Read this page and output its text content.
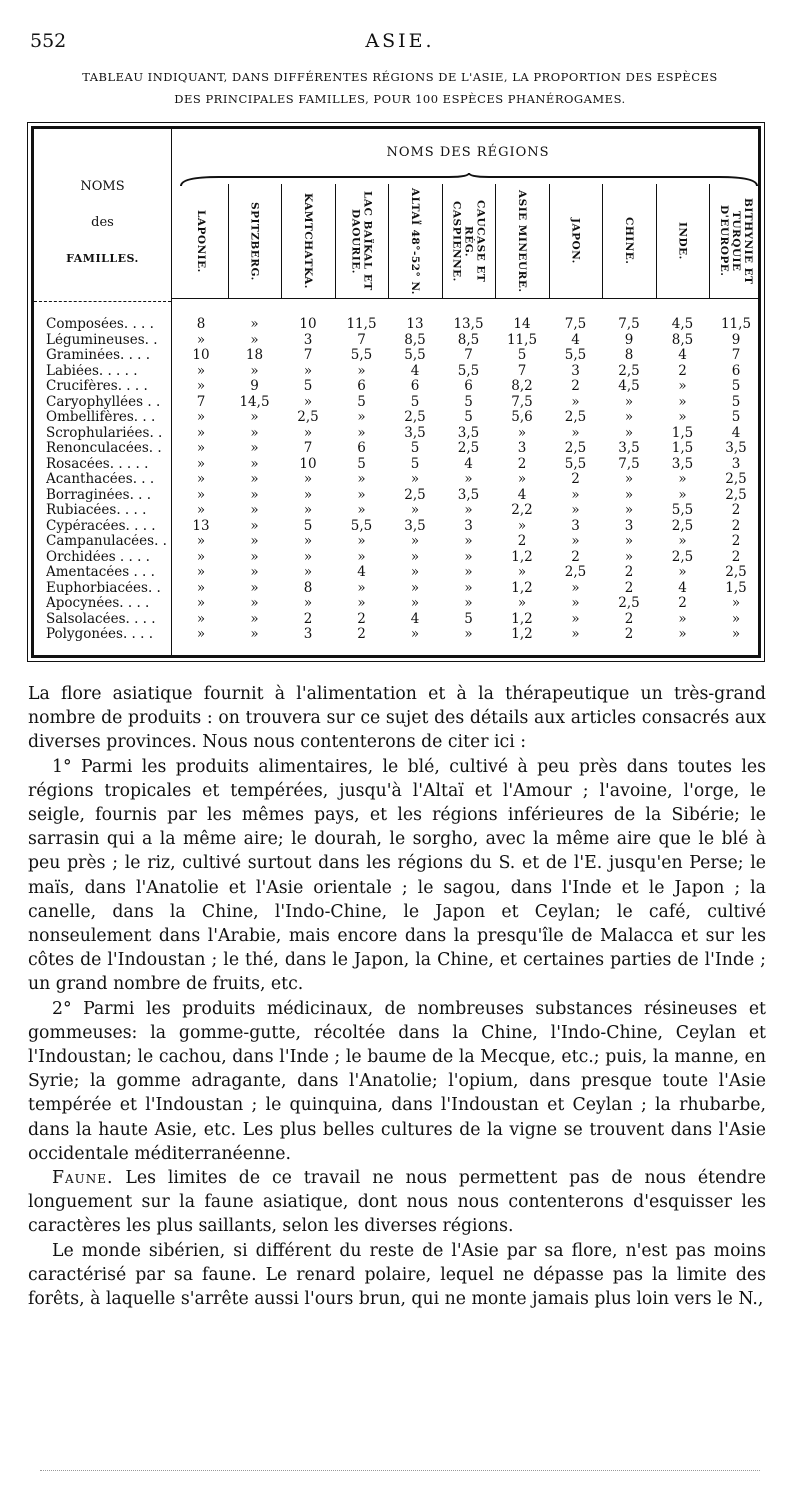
552	ASIE.
TABLEAU INDIQUANT, DANS DIFFÉRENTES RÉGIONS DE L'ASIE, LA PROPORTION DES ESPÈCES
DES PRINCIPALES FAMILLES, POUR 100 ESPÈCES PHANÉROGAMES.
NOMS
des
FAMILLES.
NOMS DES RÉGIONS
LAPONIE.	SPITZBERG.	KAMTCHATKA.	LAC BAÏKAL ET DAOURIE.	ALTAÏ 48°-52° N.	CAUCASE ET RÉG. CASPIENNE.	ASIE MINEURE.	JAPON.	CHINE.	INDE.	BITHYNIE ET TURQUIE D'EUROPE.
Composées. . . .	8	»	10	11,5	13	13,5	14	7,5	7,5	4,5	11,5
Légumineuses. .	»	»	3	7	8,5	8,5	11,5	4	9	8,5	9
Graminées. . . .	10	18	7	5,5	5,5	7	5	5,5	8	4	7
Labiées. . . . .	»	»	»	»	4	5,5	7	3	2,5	2	6
Crucifères. . . .	»	9	5	6	6	6	8,2	2	4,5	»	5
Caryophyllées . .	7	14,5	»	5	5	5	7,5	»	»	»	5
Ombellifères. . .	»	»	2,5	»	2,5	5	5,6	2,5	»	»	5
Scrophulariées. .	»	»	»	»	3,5	3,5	»	»	»	1,5	4
Renonculacées. .	»	»	7	6	5	2,5	3	2,5	3,5	1,5	3,5
Rosacées. . . . .	»	»	10	5	5	4	2	5,5	7,5	3,5	3
Acanthacées. . .	»	»	»	»	»	»	»	2	»	»	2,5
Borraginées. . .	»	»	»	»	2,5	3,5	4	»	»	»	2,5
Rubiacées. . . .	»	»	»	»	»	»	2,2	»	»	5,5	2
Cypéracées. . . .	13	»	5	5,5	3,5	3	»	3	3	2,5	2
Campanulacées. .	»	»	»	»	»	»	2	»	»	»	2
Orchidées . . . .	»	»	»	»	»	»	1,2	2	»	2,5	2
Amentacées . . .	»	»	»	4	»	»	»	2,5	2	»	2,5
Euphorbiacées. .	»	»	8	»	»	»	1,2	»	2	4	1,5
Apocynées. . . .	»	»	»	»	»	»	»	»	2,5	2	»
Salsolacées. . . .	»	»	2	2	4	5	1,2	»	2	»	»
Polygonées. . . .	»	»	3	2	»	»	1,2	»	2	»	»

La flore asiatique fournit à l'alimentation et à la thérapeutique un très-grand nombre de produits : on trouvera sur ce sujet des détails aux articles consacrés aux diverses provinces. Nous nous contenterons de citer ici :

1° Parmi les produits alimentaires, le blé, cultivé à peu près dans toutes les régions tropicales et tempérées, jusqu'à l'Altaï et l'Amour ; l'avoine, l'orge, le seigle, fournis par les mêmes pays, et les régions inférieures de la Sibérie; le sarrasin qui a la même aire; le dourah, le sorgho, avec la même aire que le blé à peu près ; le riz, cultivé surtout dans les régions du S. et de l'E. jusqu'en Perse; le maïs, dans l'Anatolie et l'Asie orientale ; le sagou, dans l'Inde et le Japon ; la canelle, dans la Chine, l'Indo-Chine, le Japon et Ceylan; le café, cultivé nonseulement dans l'Arabie, mais encore dans la presqu'île de Malacca et sur les côtes de l'Indoustan ; le thé, dans le Japon, la Chine, et certaines parties de l'Inde ; un grand nombre de fruits, etc.

2° Parmi les produits médicinaux, de nombreuses substances résineuses et gommeuses: la gomme-gutte, récoltée dans la Chine, l'Indo-Chine, Ceylan et l'Indoustan; le cachou, dans l'Inde ; le baume de la Mecque, etc.; puis, la manne, en Syrie; la gomme adragante, dans l'Anatolie; l'opium, dans presque toute l'Asie tempérée et l'Indoustan ; le quinquina, dans l'Indoustan et Ceylan ; la rhubarbe, dans la haute Asie, etc. Les plus belles cultures de la vigne se trouvent dans l'Asie occidentale méditerranéenne.

Faune. Les limites de ce travail ne nous permettent pas de nous étendre longuement sur la faune asiatique, dont nous nous contenterons d'esquisser les caractères les plus saillants, selon les diverses régions.

Le monde sibérien, si différent du reste de l'Asie par sa flore, n'est pas moins caractérisé par sa faune. Le renard polaire, lequel ne dépasse pas la limite des forêts, à laquelle s'arrête aussi l'ours brun, qui ne monte jamais plus loin vers le N.,
